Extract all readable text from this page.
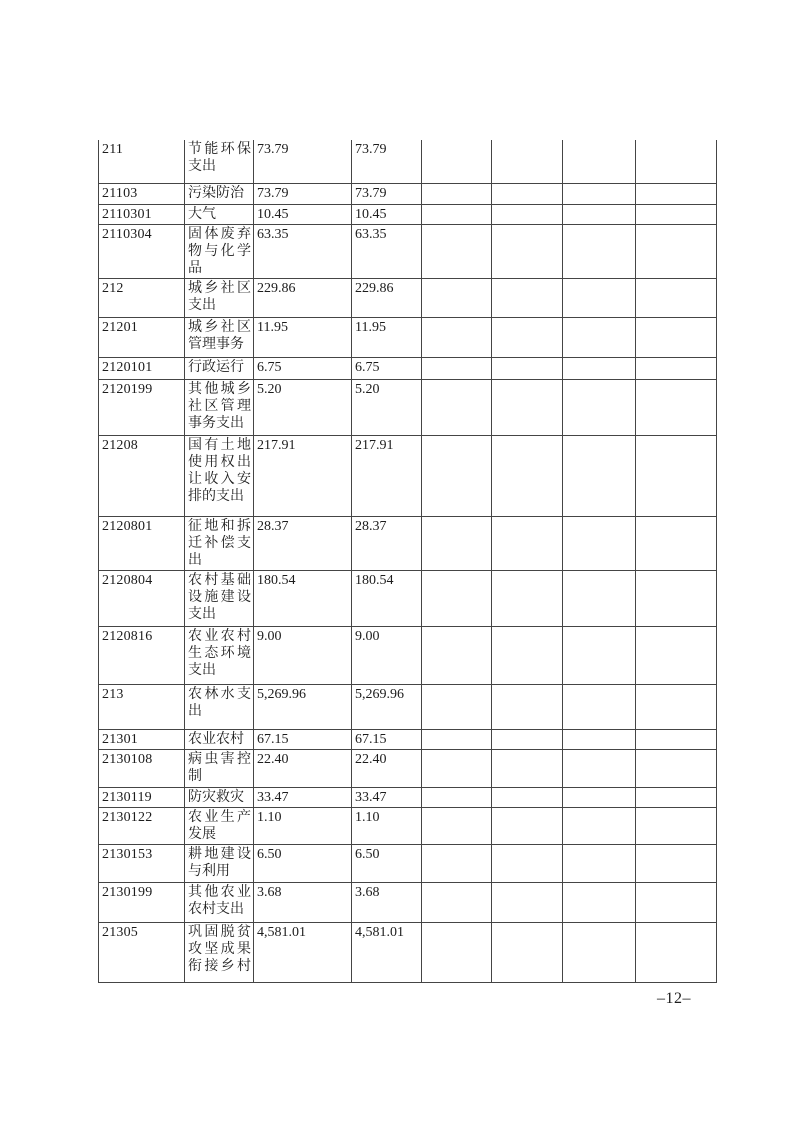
211	节能环保支出	73.79	73.79				
21103	污染防治	73.79	73.79				
2110301	大气	10.45	10.45				
2110304	固体废弃物与化学品	63.35	63.35				
212	城乡社区支出	229.86	229.86				
21201	城乡社区管理事务	11.95	11.95				
2120101	行政运行	6.75	6.75				
2120199	其他城乡社区管理事务支出	5.20	5.20				
21208	国有土地使用权出让收入安排的支出	217.91	217.91				
2120801	征地和拆迁补偿支出	28.37	28.37				
2120804	农村基础设施建设支出	180.54	180.54				
2120816	农业农村生态环境支出	9.00	9.00				
213	农林水支出	5,269.96	5,269.96				
21301	农业农村	67.15	67.15				
2130108	病虫害控制	22.40	22.40				
2130119	防灾救灾	33.47	33.47				
2130122	农业生产发展	1.10	1.10				
2130153	耕地建设与利用	6.50	6.50				
2130199	其他农业农村支出	3.68	3.68				
21305	巩固脱贫攻坚成果衔接乡村	4,581.01	4,581.01				
–12–
